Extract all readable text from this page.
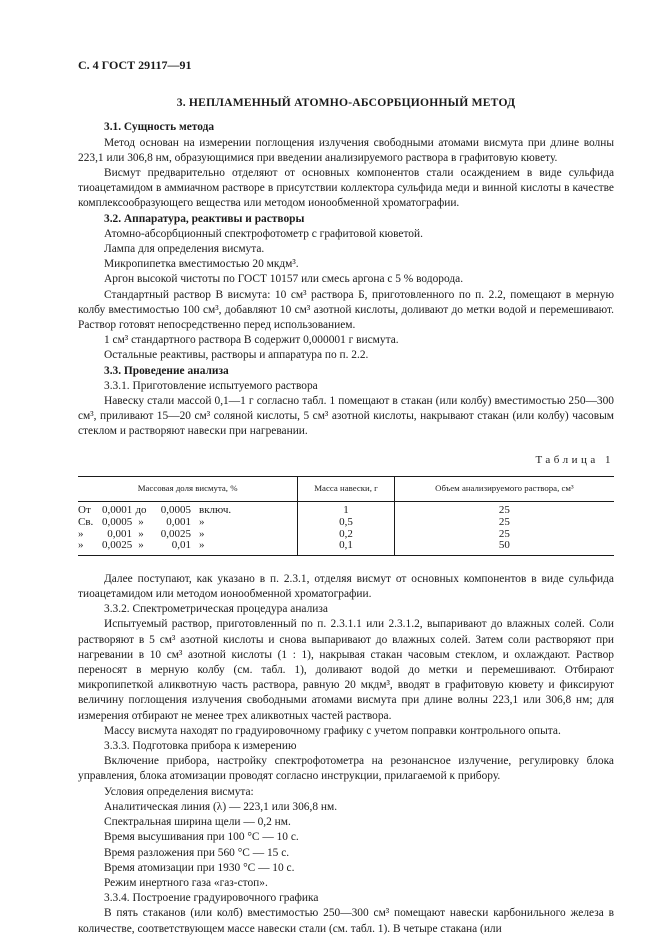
С. 4 ГОСТ 29117—91
3. НЕПЛАМЕННЫЙ АТОМНО-АБСОРБЦИОННЫЙ МЕТОД

3.1. Сущность метода

Метод основан на измерении поглощения излучения свободными атомами висмута при длине волны 223,1 или 306,8 нм, образующимися при введении анализируемого раствора в графитовую кювету.

Висмут предварительно отделяют от основных компонентов стали осаждением в виде сульфида тиоацетамидом в аммиачном растворе в присутствии коллектора сульфида меди и винной кислоты в качестве комплексообразующего вещества или методом ионообменной хроматографии.

3.2. Аппаратура, реактивы и растворы

Атомно-абсорбционный спектрофотометр с графитовой кюветой.

Лампа для определения висмута.

Микропипетка вместимостью 20 мкдм³.

Аргон высокой чистоты по ГОСТ 10157 или смесь аргона с 5 % водорода.

Стандартный раствор В висмута: 10 см³ раствора Б, приготовленного по п. 2.2, помещают в мерную колбу вместимостью 100 см³, добавляют 10 см³ азотной кислоты, доливают до метки водой и перемешивают. Раствор готовят непосредственно перед использованием.

1 см³ стандартного раствора В содержит 0,000001 г висмута.

Остальные реактивы, растворы и аппаратура по п. 2.2.

3.3. Проведение анализа

3.3.1. Приготовление испытуемого раствора

Навеску стали массой 0,1—1 г согласно табл. 1 помещают в стакан (или колбу) вместимостью 250—300 см³, приливают 15—20 см³ соляной кислоты, 5 см³ азотной кислоты, накрывают стакан (или колбу) часовым стеклом и растворяют навески при нагревании.

Таблица 1
Массовая доля висмута, %	Масса навески, г	Объем анализируемого раствора, см³
От 0,0001 до 0,0005 включ.	1	25
Св. 0,0005 » 0,001 »	0,5	25
» 0,001 » 0,0025 »	0,2	25
» 0,0025 » 0,01 »	0,1	50

Далее поступают, как указано в п. 2.3.1, отделяя висмут от основных компонентов в виде сульфида тиоацетамидом или методом ионообменной хроматографии.

3.3.2. Спектрометрическая процедура анализа

Испытуемый раствор, приготовленный по п. 2.3.1.1 или 2.3.1.2, выпаривают до влажных солей. Соли растворяют в 5 см³ азотной кислоты и снова выпаривают до влажных солей. Затем соли растворяют при нагревании в 10 см³ азотной кислоты (1 : 1), накрывая стакан часовым стеклом, и охлаждают. Раствор переносят в мерную колбу (см. табл. 1), доливают водой до метки и перемешивают. Отбирают микропипеткой аликвотную часть раствора, равную 20 мкдм³, вводят в графитовую кювету и фиксируют величину поглощения излучения свободными атомами висмута при длине волны 223,1 или 306,8 нм; для измерения отбирают не менее трех аликвотных частей раствора.

Массу висмута находят по градуировочному графику с учетом поправки контрольного опыта.

3.3.3. Подготовка прибора к измерению

Включение прибора, настройку спектрофотометра на резонансное излучение, регулировку блока управления, блока атомизации проводят согласно инструкции, прилагаемой к прибору.

Условия определения висмута:

Аналитическая линия (λ) — 223,1 или 306,8 нм.

Спектральная ширина щели — 0,2 нм.

Время высушивания при 100 °С — 10 с.

Время разложения при 560 °С — 15 с.

Время атомизации при 1930 °С — 10 с.

Режим инертного газа «газ-стоп».

3.3.4. Построение градуировочного графика

В пять стаканов (или колб) вместимостью 250—300 см³ помещают навески карбонильного железа в количестве, соответствующем массе навески стали (см. табл. 1). В четыре стакана (или
